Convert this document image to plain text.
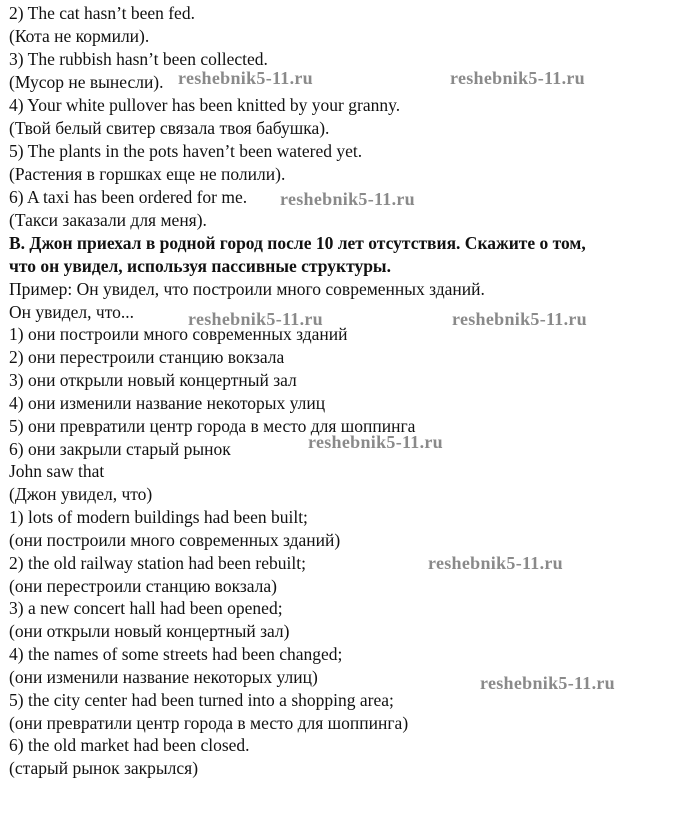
2) The cat hasn’t been fed.
(Кота не кормили).
3) The rubbish hasn’t been collected.
(Мусор не вынесли).
4) Your white pullover has been knitted by your granny.
(Твой белый свитер связала твоя бабушка).
5) The plants in the pots haven’t been watered yet.
(Растения в горшках еще не полили).
6) A taxi has been ordered for me.
(Такси заказали для меня).
B. Джон приехал в родной город после 10 лет отсутствия. Скажите о том,
что он увидел, используя пассивные структуры.
Пример: Он увидел, что построили много современных зданий.
Он увидел, что...
1) они построили много современных зданий
2) они перестроили станцию вокзала
3) они открыли новый концертный зал
4) они изменили название некоторых улиц
5) они превратили центр города в место для шоппинга
6) они закрыли старый рынок
John saw that
(Джон увидел, что)
1) lots of modern buildings had been built;
(они построили много современных зданий)
2) the old railway station had been rebuilt;
(они перестроили станцию вокзала)
3) a new concert hall had been opened;
(они открыли новый концертный зал)
4) the names of some streets had been changed;
(они изменили название некоторых улиц)
5) the city center had been turned into a shopping area;
(они превратили центр города в место для шоппинга)
6) the old market had been closed.
(старый рынок закрылся)
reshebnik5-11.ru	reshebnik5-11.ru
reshebnik5-11.ru
reshebnik5-11.ru	reshebnik5-11.ru
reshebnik5-11.ru
reshebnik5-11.ru
reshebnik5-11.ru
